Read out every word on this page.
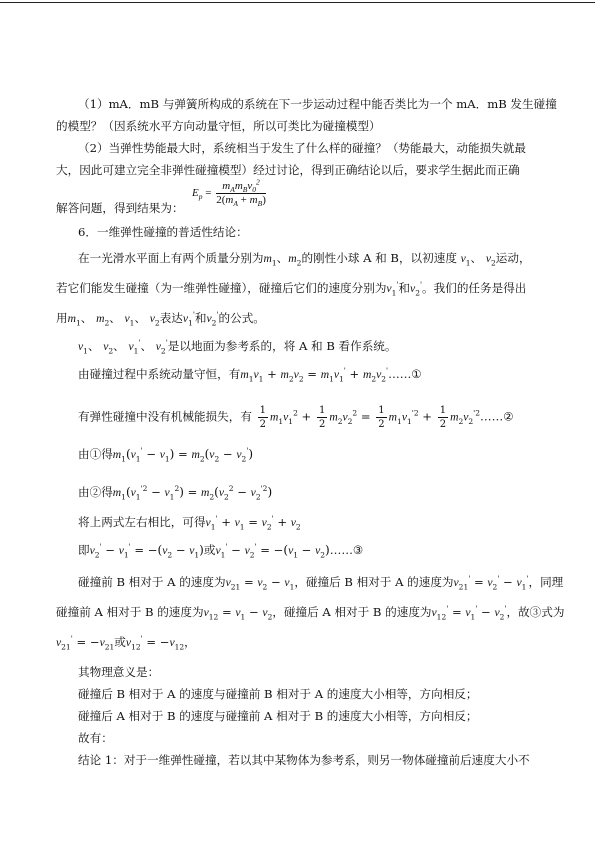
（1）mA．mB 与弹簧所构成的系统在下一步运动过程中能否类比为一个 mA．mB 发生碰撞
的模型？（因系统水平方向动量守恒，所以可类比为碰撞模型）
（2）当弹性势能最大时，系统相当于发生了什么样的碰撞？（势能最大，动能损失就最
大，因此可建立完全非弹性碰撞模型）经过讨论，得到正确结论以后，要求学生据此而正确
$E_p = \frac{m_Am_Bv_0^2}{2(m_A + m_B)}$
解答问题，得到结果为：
6．一维弹性碰撞的普适性结论：
在一光滑水平面上有两个质量分别为$m_1$、$m_2$的刚性小球 A 和 B，以初速度 $v_1$、 $v_2$运动，
若它们能发生碰撞（为一维弹性碰撞），碰撞后它们的速度分别为$v_1'$和$v_2'$。我们的任务是得出
用$m_1$、 $m_2$、 $v_1$、 $v_2$表达$v_1'$和$v_2'$的公式。
$v_1$、 $v_2$、 $v_1'$、 $v_2'$是以地面为参考系的，将 A 和 B 看作系统。
由碰撞过程中系统动量守恒，有$m_1v_1 + m_2v_2 = m_1v_1'$ + $m_2v_2'\dots\dots ①$
有弹性碰撞中没有机械能损失，有 $\frac{1}{2} m_1v_1^2 + \frac{1}{2} m_2v_2^2 = \frac{1}{2} m_1v_1^{'2} + \frac{1}{2}$ $m_2v_2^{'2}\dots\dots ②$
由①得$m_1(v_1' - v_1) = m_2(v_2 - v_2')$
由②得$m_1(v_1^{'2} - v_1^2) = m_2(v_2^2 - v_2^{'2})$
将上两式左右相比，可得$v_1' + v_1 = v_2' + v_2$
即$v_2' - v_1' = -(v_2 - v_1)$或$v_1' - v_2' = -(v_1$ − $v_2)\dots\dots ③$
碰撞前 B 相对于 A 的速度为$v_{21} = v_2 - v_1$，碰撞后 B 相对于 A 的速度为$v_{21}' = v_2' - v_1'$，同理
碰撞前 A 相对于 B 的速度为$v_{12} = v_1 - v_2$，碰撞后 A 相对于 B 的速度为$v_{12}' = v_1' - v_2'$，故③式为
$v_{21}' = -v_{21}$或$v_{12}' = -v_{12}$，
其物理意义是：
碰撞后 B 相对于 A 的速度与碰撞前 B 相对于 A 的速度大小相等，方向相反；
碰撞后 A 相对于 B 的速度与碰撞前 A 相对于 B 的速度大小相等，方向相反；
故有：
结论 1：对于一维弹性碰撞，若以其中某物体为参考系，则另一物体碰撞前后速度大小不
